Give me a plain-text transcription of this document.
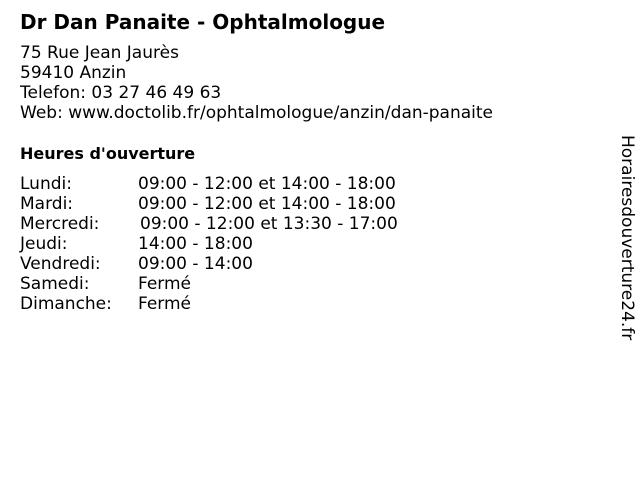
Dr Dan Panaite - Ophtalmologue
75 Rue Jean Jaurès
59410 Anzin
Telefon: 03 27 46 49 63
Web: www.doctolib.fr/ophtalmologue/anzin/dan-panaite
Heures d'ouverture
Lundi:	09:00 - 12:00 et 14:00 - 18:00
Mardi:	09:00 - 12:00 et 14:00 - 18:00
Mercredi: 09:00 - 12:00 et 13:30 - 17:00
Jeudi:	14:00 - 18:00
Vendredi: 09:00 - 14:00
Samedi:	Fermé
Dimanche: Fermé	Horairesdouverture24.fr
